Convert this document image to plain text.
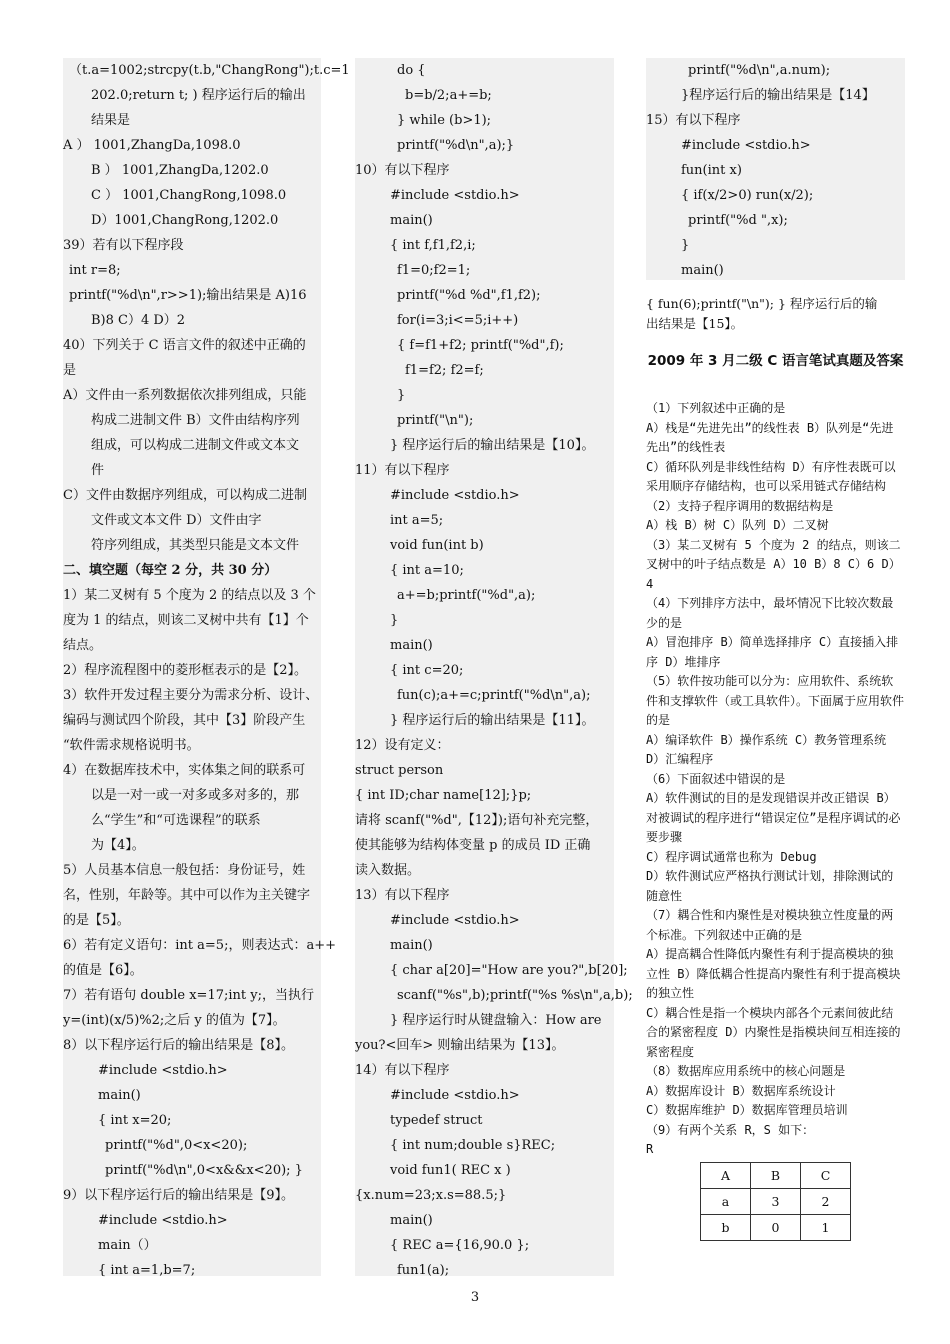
（t.a=1002;strcpy(t.b,"ChangRong");t.c=1
202.0;return t; ) 程序运行后的输出
结果是
A ） 1001,ZhangDa,1098.0
B ） 1001,ZhangDa,1202.0
C ） 1001,ChangRong,1098.0
D）1001,ChangRong,1202.0
39）若有以下程序段
int r=8;
printf("%d\n",r>>1);输出结果是 A)16
B)8 C）4 D）2
40）下列关于 C 语言文件的叙述中正确的
是
A）文件由一系列数据依次排列组成，只能
构成二进制文件 B）文件由结构序列
组成，可以构成二进制文件或文本文
件
C）文件由数据序列组成，可以构成二进制
文件或文本文件 D）文件由字
符序列组成，其类型只能是文本文件
二、填空题（每空 2 分，共 30 分）
1）某二叉树有 5 个度为 2 的结点以及 3 个
度为 1 的结点，则该二叉树中共有【1】个
结点。
2）程序流程图中的菱形框表示的是【2】。
3）软件开发过程主要分为需求分析、设计、
编码与测试四个阶段，其中【3】阶段产生
“软件需求规格说明书。
4）在数据库技术中，实体集之间的联系可
以是一对一或一对多或多对多的，那
么“学生”和“可选课程”的联系
为【4】。
5）人员基本信息一般包括：身份证号，姓
名，性别，年龄等。其中可以作为主关键字
的是【5】。
6）若有定义语句：int a=5;，则表达式：a++
的值是【6】。
7）若有语句 double x=17;int y;，当执行
y=(int)(x/5)%2;之后 y 的值为【7】。
8）以下程序运行后的输出结果是【8】。
#include <stdio.h>
main()
{ int x=20;
printf("%d",0<x<20);
printf("%d\n",0<x&&x<20); }
9）以下程序运行后的输出结果是【9】。
#include <stdio.h>
main（）
{ int a=1,b=7;
do {
b=b/2;a+=b;
} while (b>1);
printf("%d\n",a);}
10）有以下程序
#include <stdio.h>
main()
{ int f,f1,f2,i;
f1=0;f2=1;
printf("%d %d",f1,f2);
for(i=3;i<=5;i++)
{ f=f1+f2; printf("%d",f);
f1=f2; f2=f;
}
printf("\n");
} 程序运行后的输出结果是【10】。
11）有以下程序
#include <stdio.h>
int a=5;
void fun(int b)
{ int a=10;
a+=b;printf("%d",a);
}
main()
{ int c=20;
fun(c);a+=c;printf("%d\n",a);
} 程序运行后的输出结果是【11】。
12）设有定义：
struct person
{ int ID;char name[12];}p;
请将 scanf("%d",【12】);语句补充完整，
使其能够为结构体变量 p 的成员 ID 正确
读入数据。
13）有以下程序
#include <stdio.h>
main()
{ char a[20]="How are you?",b[20];
scanf("%s",b);printf("%s %s\n",a,b);
} 程序运行时从键盘输入：How are
you?<回车> 则输出结果为【13】。
14）有以下程序
#include <stdio.h>
typedef struct
{ int num;double s}REC;
void fun1( REC x )
{x.num=23;x.s=88.5;}
main()
{ REC a={16,90.0 };
fun1(a);
printf("%d\n",a.num);
}程序运行后的输出结果是【14】
15）有以下程序
#include <stdio.h>
fun(int x)
{ if(x/2>0) run(x/2);
printf("%d ",x);
}
main()
{ fun(6);printf("\n"); } 程序运行后的输
出结果是【15】。
2009 年 3 月二级 C 语言笔试真题及答案
（1）下列叙述中正确的是
A）栈是“先进先出”的线性表 B）队列是“先进先出”的线性表
C）循环队列是非线性结构 D）有序性表既可以采用顺序存储结构，也可以采用链式存储结构
（2）支持子程序调用的数据结构是
A）栈 B）树 C）队列 D）二叉树
（3）某二叉树有 5 个度为 2 的结点，则该二叉树中的叶子结点数是 A）10 B）8 C）6 D）4
（4）下列排序方法中，最坏情况下比较次数最少的是
A）冒泡排序 B）简单选择排序 C）直接插入排序 D）堆排序
（5）软件按功能可以分为：应用软件、系统软件和支撑软件（或工具软件）。下面属于应用软件的是
A）编译软件 B）操作系统 C）教务管理系统 D）汇编程序
（6）下面叙述中错误的是
A）软件测试的目的是发现错误并改正错误 B）对被调试的程序进行“错误定位”是程序调试的必要步骤
C）程序调试通常也称为 Debug
D）软件测试应严格执行测试计划，排除测试的随意性
（7）耦合性和内聚性是对模块独立性度量的两个标准。下列叙述中正确的是
A）提高耦合性降低内聚性有利于提高模块的独立性 B）降低耦合性提高内聚性有利于提高模块的独立性
C）耦合性是指一个模块内部各个元素间彼此结合的紧密程度 D）内聚性是指模块间互相连接的紧密程度
（8）数据库应用系统中的核心问题是
A）数据库设计 B）数据库系统设计
C）数据库维护 D）数据库管理员培训
（9）有两个关系 R，S 如下：
R
A	B	C
a	3	2
b	0	1
3
